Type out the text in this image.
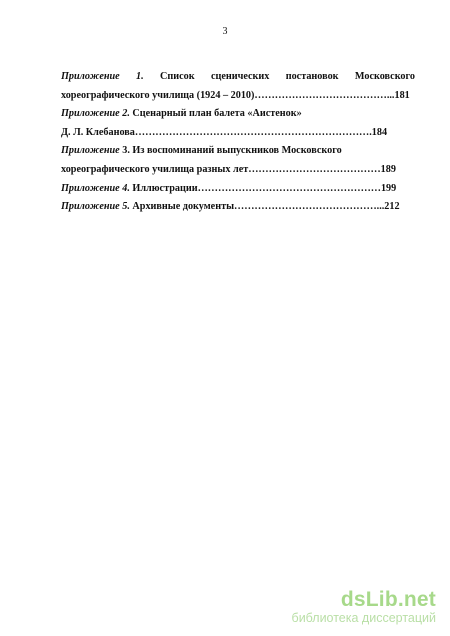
3
Приложение 1. Список сценических постановок Московского
хореографического училища (1924 – 2010)…………………………………...181
Приложение 2. Сценарный план балета «Аистенок»
Д. Л. Клебанова…………………………………………………………….184
Приложение 3. Из воспоминаний выпускников Московского
хореографического училища разных лет…………………………………189
Приложение 4. Иллюстрации………………………………………………199
Приложение 5. Архивные документы……………………………………...212
dsLib.net
библиотека диссертаций
